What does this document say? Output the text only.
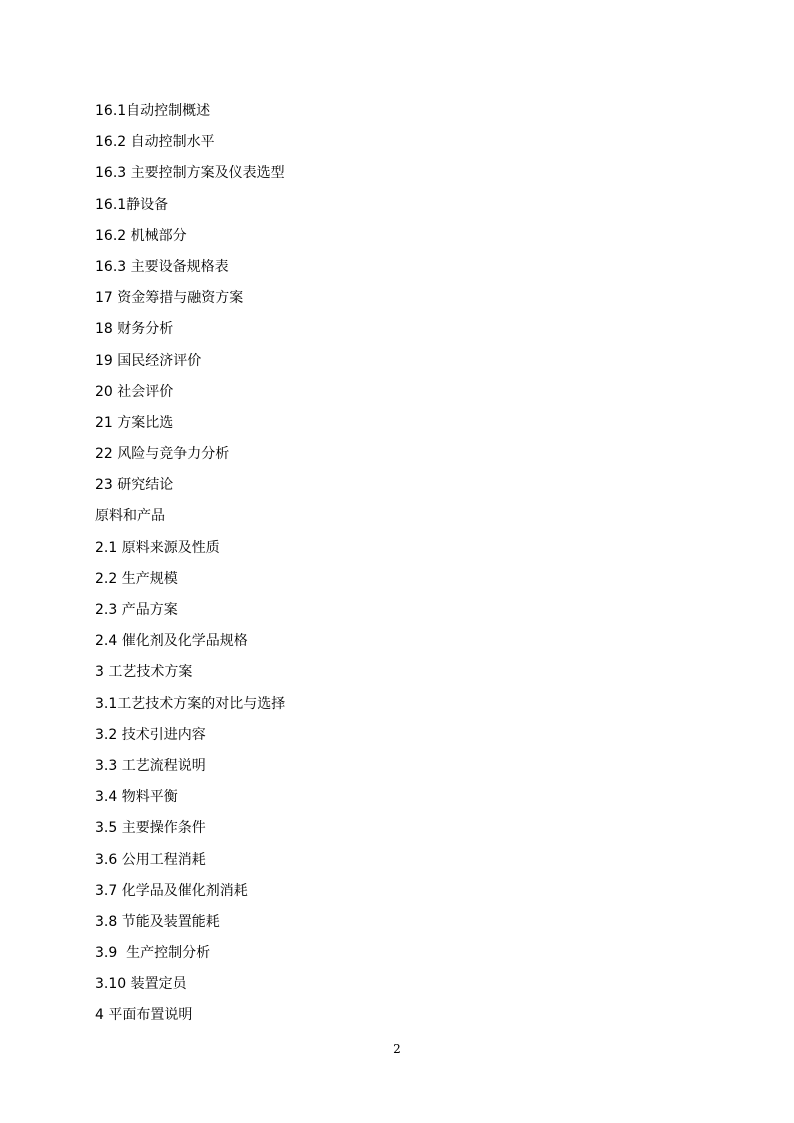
16.1自动控制概述
16.2 自动控制水平
16.3 主要控制方案及仪表选型
16.1静设备
16.2 机械部分
16.3 主要设备规格表
17 资金筹措与融资方案
18 财务分析
19 国民经济评价
20 社会评价
21 方案比选
22 风险与竞争力分析
23 研究结论
原料和产品
2.1 原料来源及性质
2.2 生产规模
2.3 产品方案
2.4 催化剂及化学品规格
3 工艺技术方案
3.1工艺技术方案的对比与选择
3.2 技术引进内容
3.3 工艺流程说明
3.4 物料平衡
3.5 主要操作条件
3.6 公用工程消耗
3.7 化学品及催化剂消耗
3.8 节能及装置能耗
3.9  生产控制分析
3.10 装置定员
4 平面布置说明
2
